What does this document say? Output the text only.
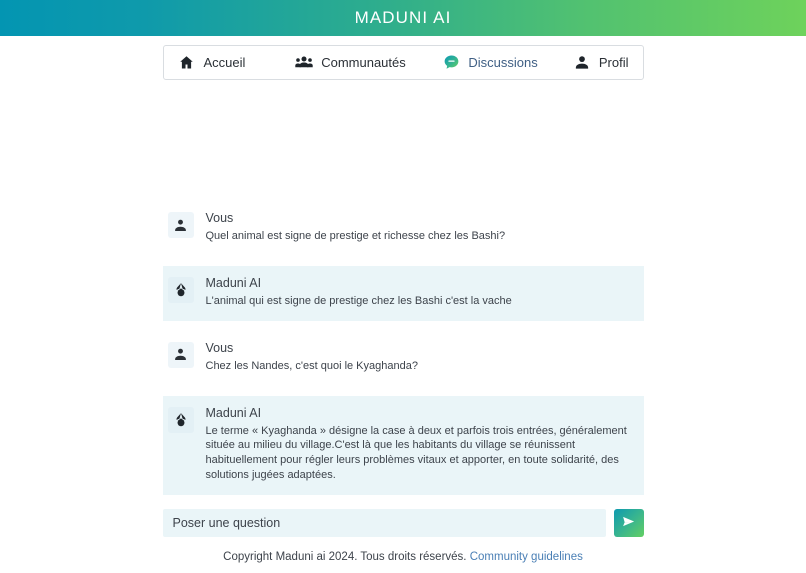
MADUNI AI
Accueil	Communautés	Discussions	Profil
Vous
Quel animal est signe de prestige et richesse chez les Bashi?
Maduni AI
L'animal qui est signe de prestige chez les Bashi c'est la vache
Vous
Chez les Nandes, c'est quoi le Kyaghanda?
Maduni AI
Le terme « Kyaghanda » désigne la case à deux et parfois trois entrées, généralement située au milieu du village.C'est là que les habitants du village se réunissent habituellement pour régler leurs problèmes vitaux et apporter, en toute solidarité, des solutions jugées adaptées.
Poser une question
Copyright Maduni ai 2024. Tous droits réservés. Community guidelines
